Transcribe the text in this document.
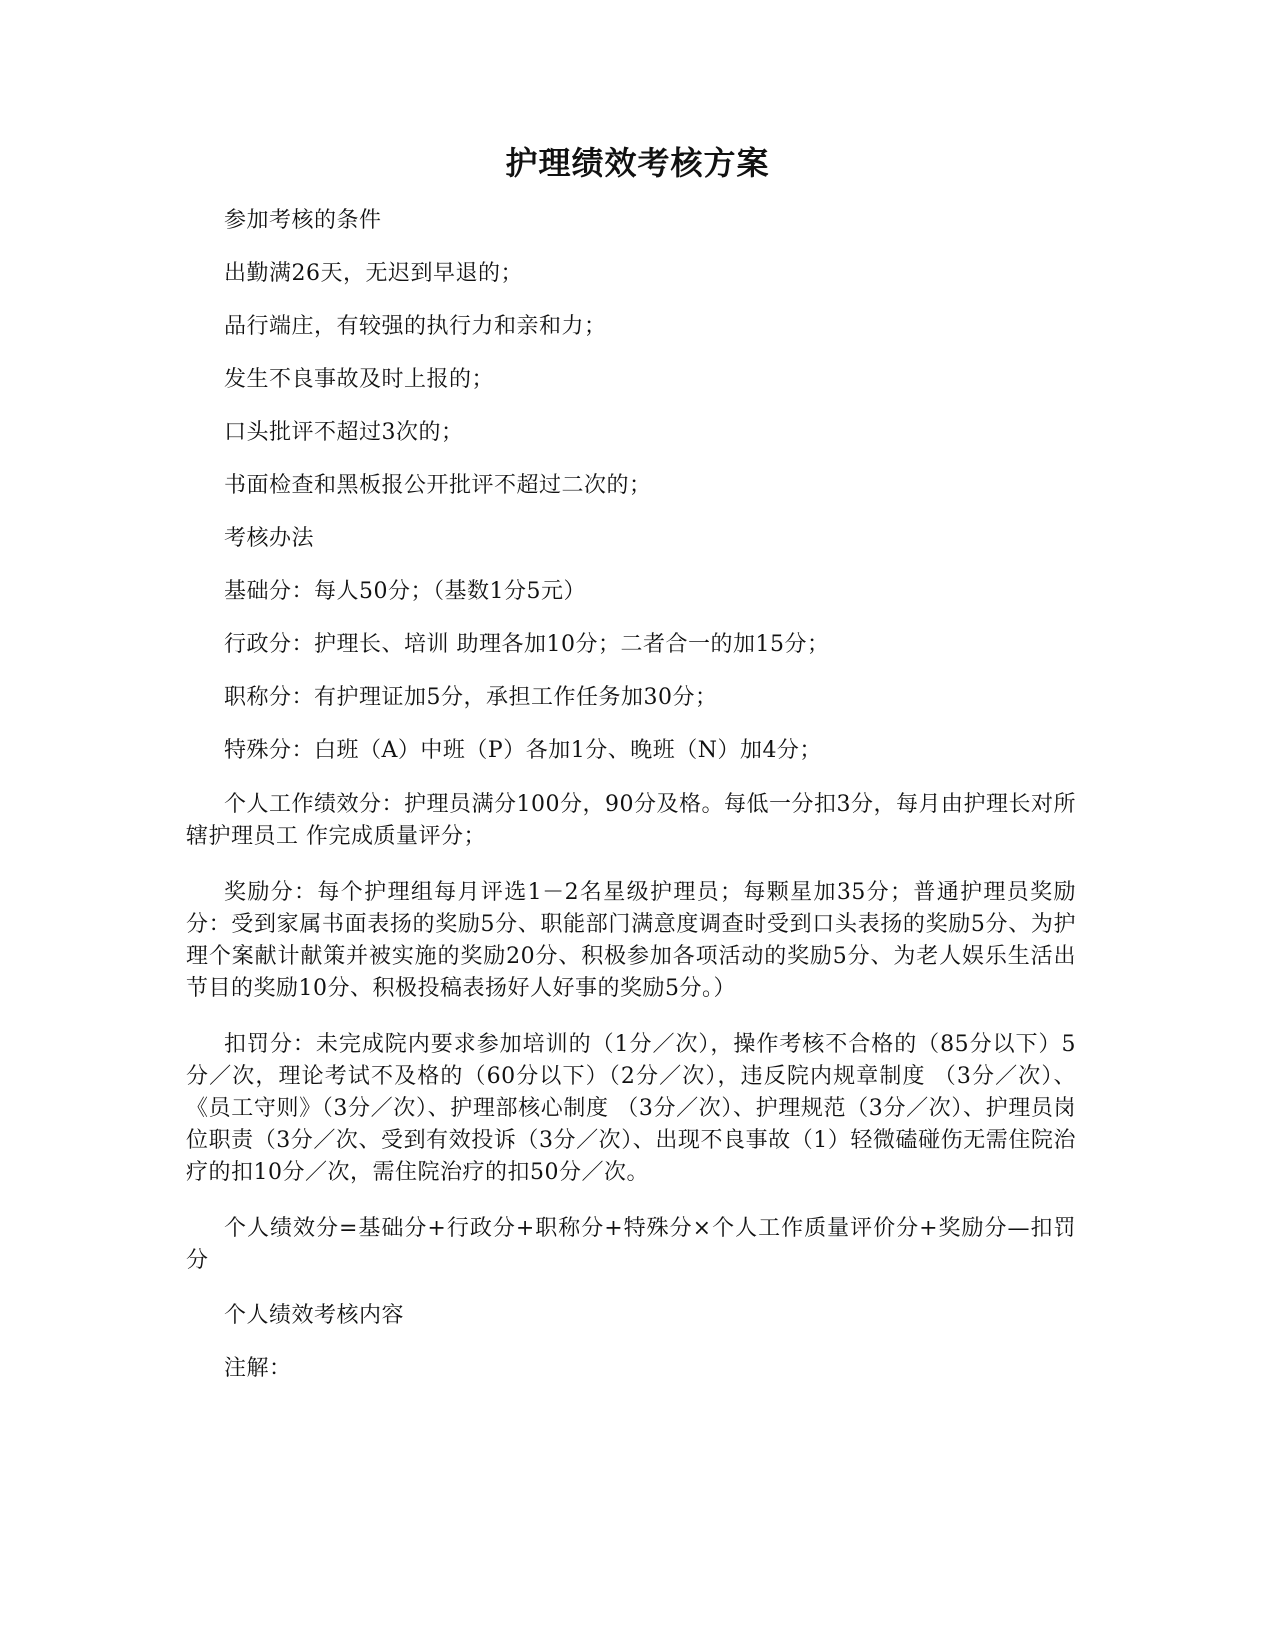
护理绩效考核方案

参加考核的条件

出勤满26天，无迟到早退的；

品行端庄，有较强的执行力和亲和力；

发生不良事故及时上报的；

口头批评不超过3次的；

书面检查和黑板报公开批评不超过二次的；

考核办法

基础分：每人50分；（基数1分5元）

行政分：护理长、培训 助理各加10分；二者合一的加15分；

职称分：有护理证加5分，承担工作任务加30分；

特殊分：白班（A）中班（P）各加1分、晚班（N）加4分；

个人工作绩效分：护理员满分100分，90分及格。每低一分扣3分，每月由护理长对所辖护理员工 作完成质量评分；

奖励分：每个护理组每月评选1－2名星级护理员；每颗星加35分；普通护理员奖励分：受到家属书面表扬的奖励5分、职能部门满意度调查时受到口头表扬的奖励5分、为护理个案献计献策并被实施的奖励20分、积极参加各项活动的奖励5分、为老人娱乐生活出节目的奖励10分、积极投稿表扬好人好事的奖励5分。）

扣罚分：未完成院内要求参加培训的（1分／次），操作考核不合格的（85分以下）5分／次，理论考试不及格的（60分以下）（2分／次），违反院内规章制度 （3分／次）、《员工守则》（3分／次）、护理部核心制度 （3分／次）、护理规范（3分／次）、护理员岗位职责（3分／次、受到有效投诉（3分／次）、出现不良事故（1）轻微磕碰伤无需住院治疗的扣10分／次，需住院治疗的扣50分／次。

个人绩效分=基础分+行政分+职称分+特殊分×个人工作质量评价分+奖励分—扣罚分

个人绩效考核内容

注解：
